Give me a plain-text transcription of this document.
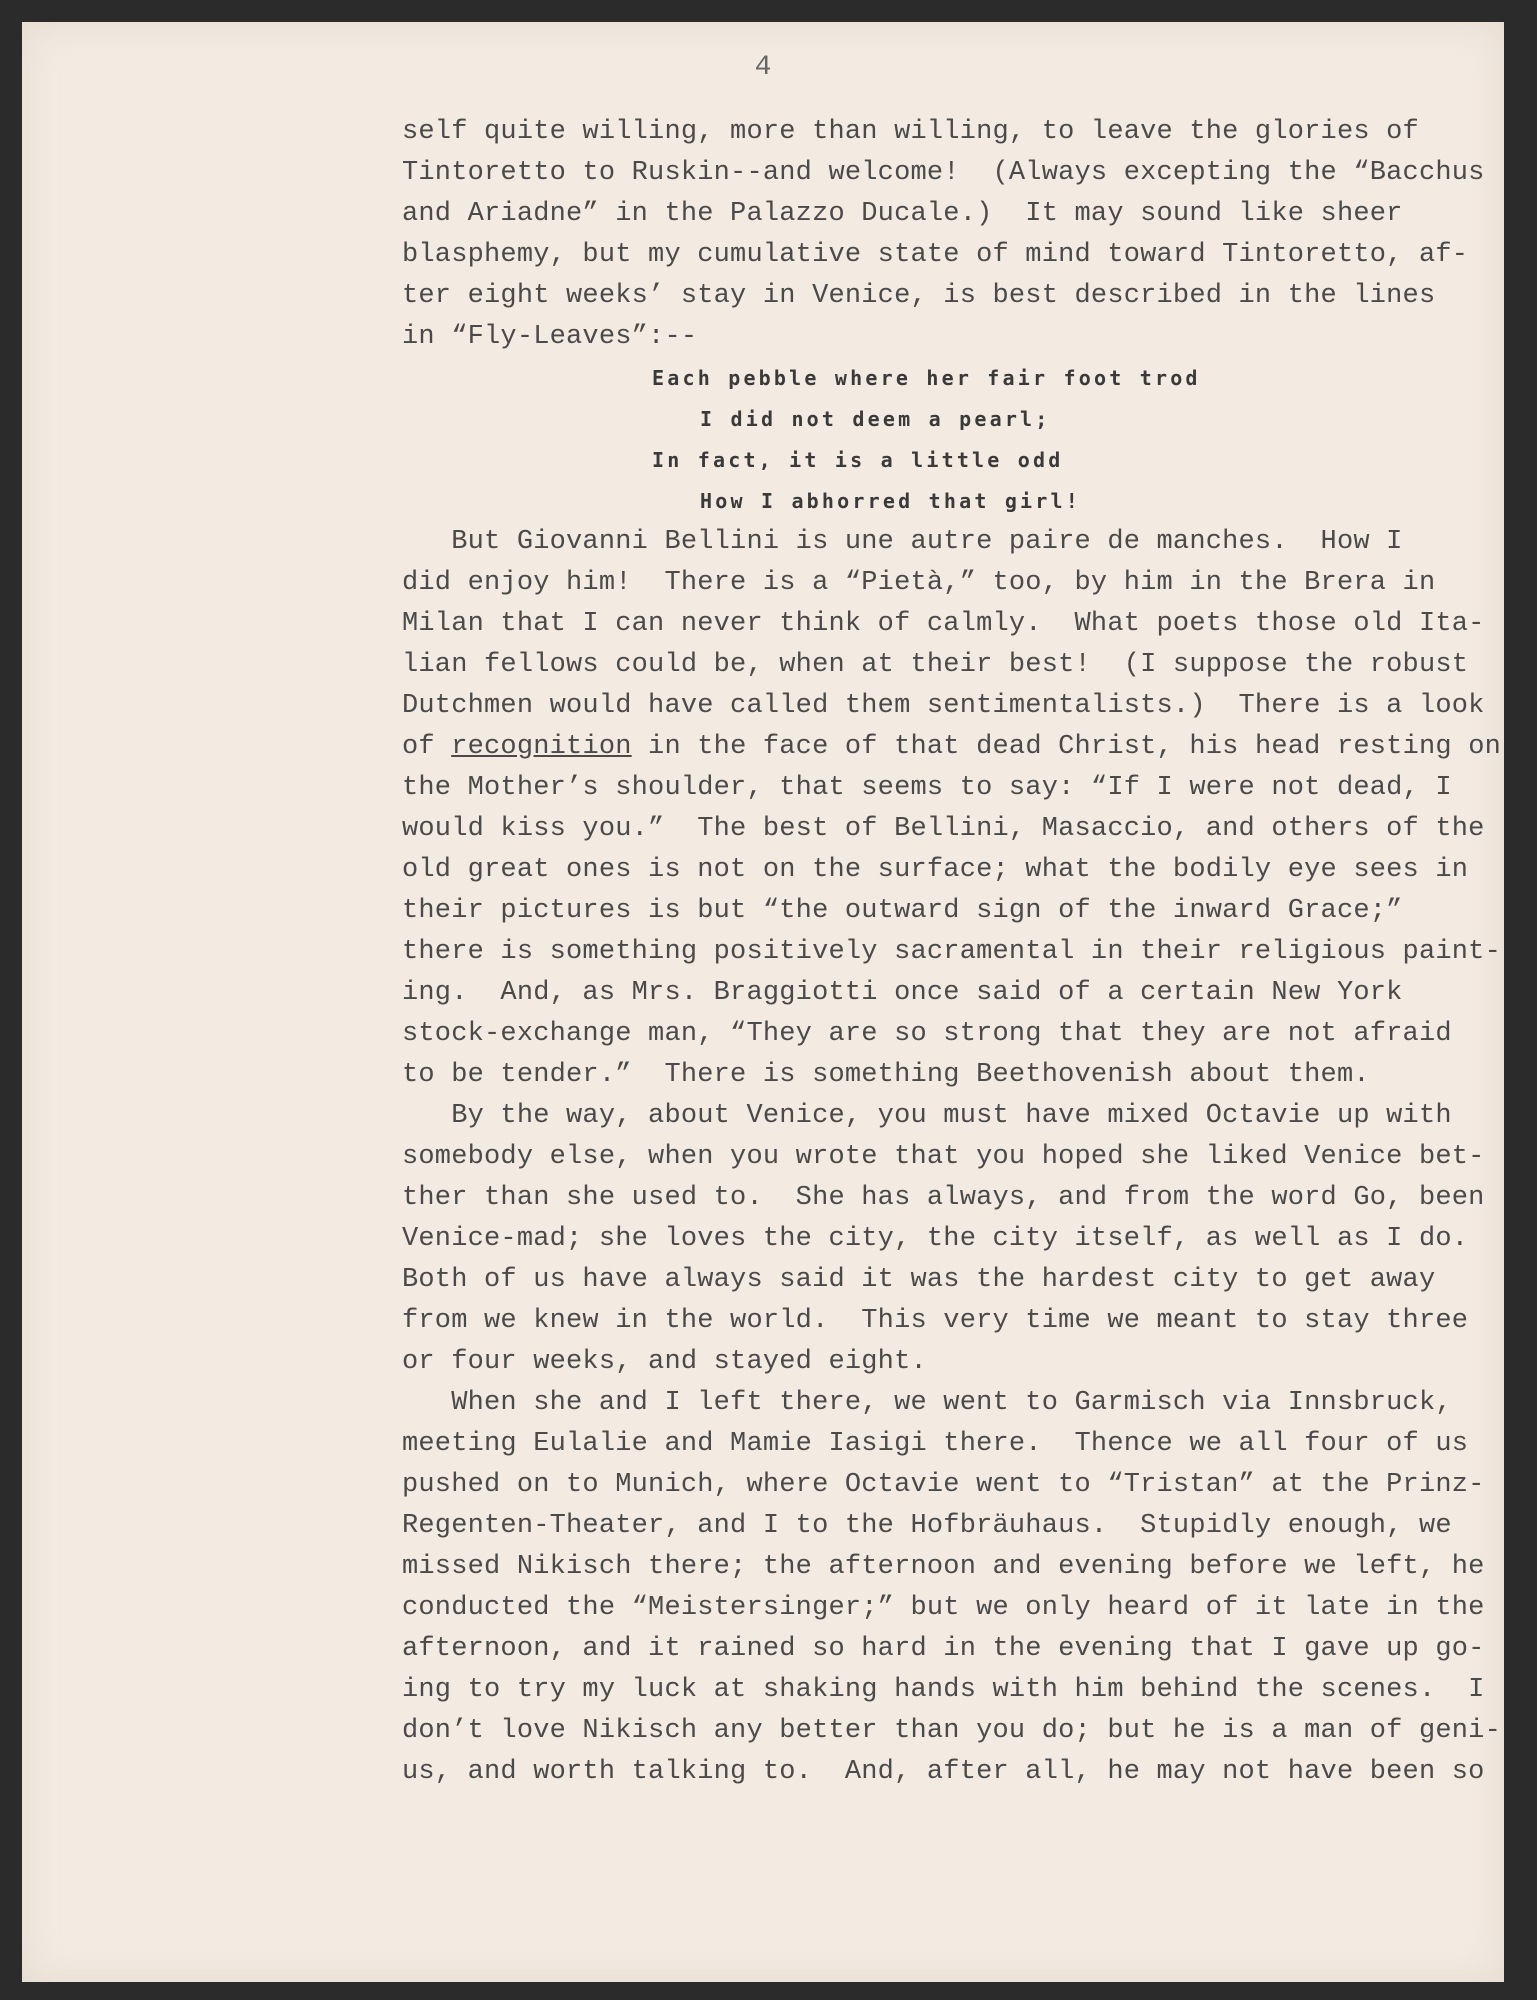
4
self quite willing, more than willing, to leave the glories of
Tintoretto to Ruskin--and welcome!  (Always excepting the “Bacchus
and Ariadne” in the Palazzo Ducale.)  It may sound like sheer
blasphemy, but my cumulative state of mind toward Tintoretto, af-
ter eight weeks’ stay in Venice, is best described in the lines
in “Fly-Leaves”:--
Each pebble where her fair foot trod
I did not deem a pearl;
In fact, it is a little odd
How I abhorred that girl!
But Giovanni Bellini is une autre paire de manches.  How I
did enjoy him!  There is a “Pietà,” too, by him in the Brera in
Milan that I can never think of calmly.  What poets those old Ita-
lian fellows could be, when at their best!  (I suppose the robust
Dutchmen would have called them sentimentalists.)  There is a look
of recognition in the face of that dead Christ, his head resting on
the Mother’s shoulder, that seems to say: “If I were not dead, I
would kiss you.”  The best of Bellini, Masaccio, and others of the
old great ones is not on the surface; what the bodily eye sees in
their pictures is but “the outward sign of the inward Grace;”
there is something positively sacramental in their religious paint-
ing.  And, as Mrs. Braggiotti once said of a certain New York
stock-exchange man, “They are so strong that they are not afraid
to be tender.”  There is something Beethovenish about them.
By the way, about Venice, you must have mixed Octavie up with
somebody else, when you wrote that you hoped she liked Venice bet-
ther than she used to.  She has always, and from the word Go, been
Venice-mad; she loves the city, the city itself, as well as I do.
Both of us have always said it was the hardest city to get away
from we knew in the world.  This very time we meant to stay three
or four weeks, and stayed eight.
When she and I left there, we went to Garmisch via Innsbruck,
meeting Eulalie and Mamie Iasigi there.  Thence we all four of us
pushed on to Munich, where Octavie went to “Tristan” at the Prinz-
Regenten-Theater, and I to the Hofbräuhaus.  Stupidly enough, we
missed Nikisch there; the afternoon and evening before we left, he
conducted the “Meistersinger;” but we only heard of it late in the
afternoon, and it rained so hard in the evening that I gave up go-
ing to try my luck at shaking hands with him behind the scenes.  I
don’t love Nikisch any better than you do; but he is a man of geni-
us, and worth talking to.  And, after all, he may not have been so
